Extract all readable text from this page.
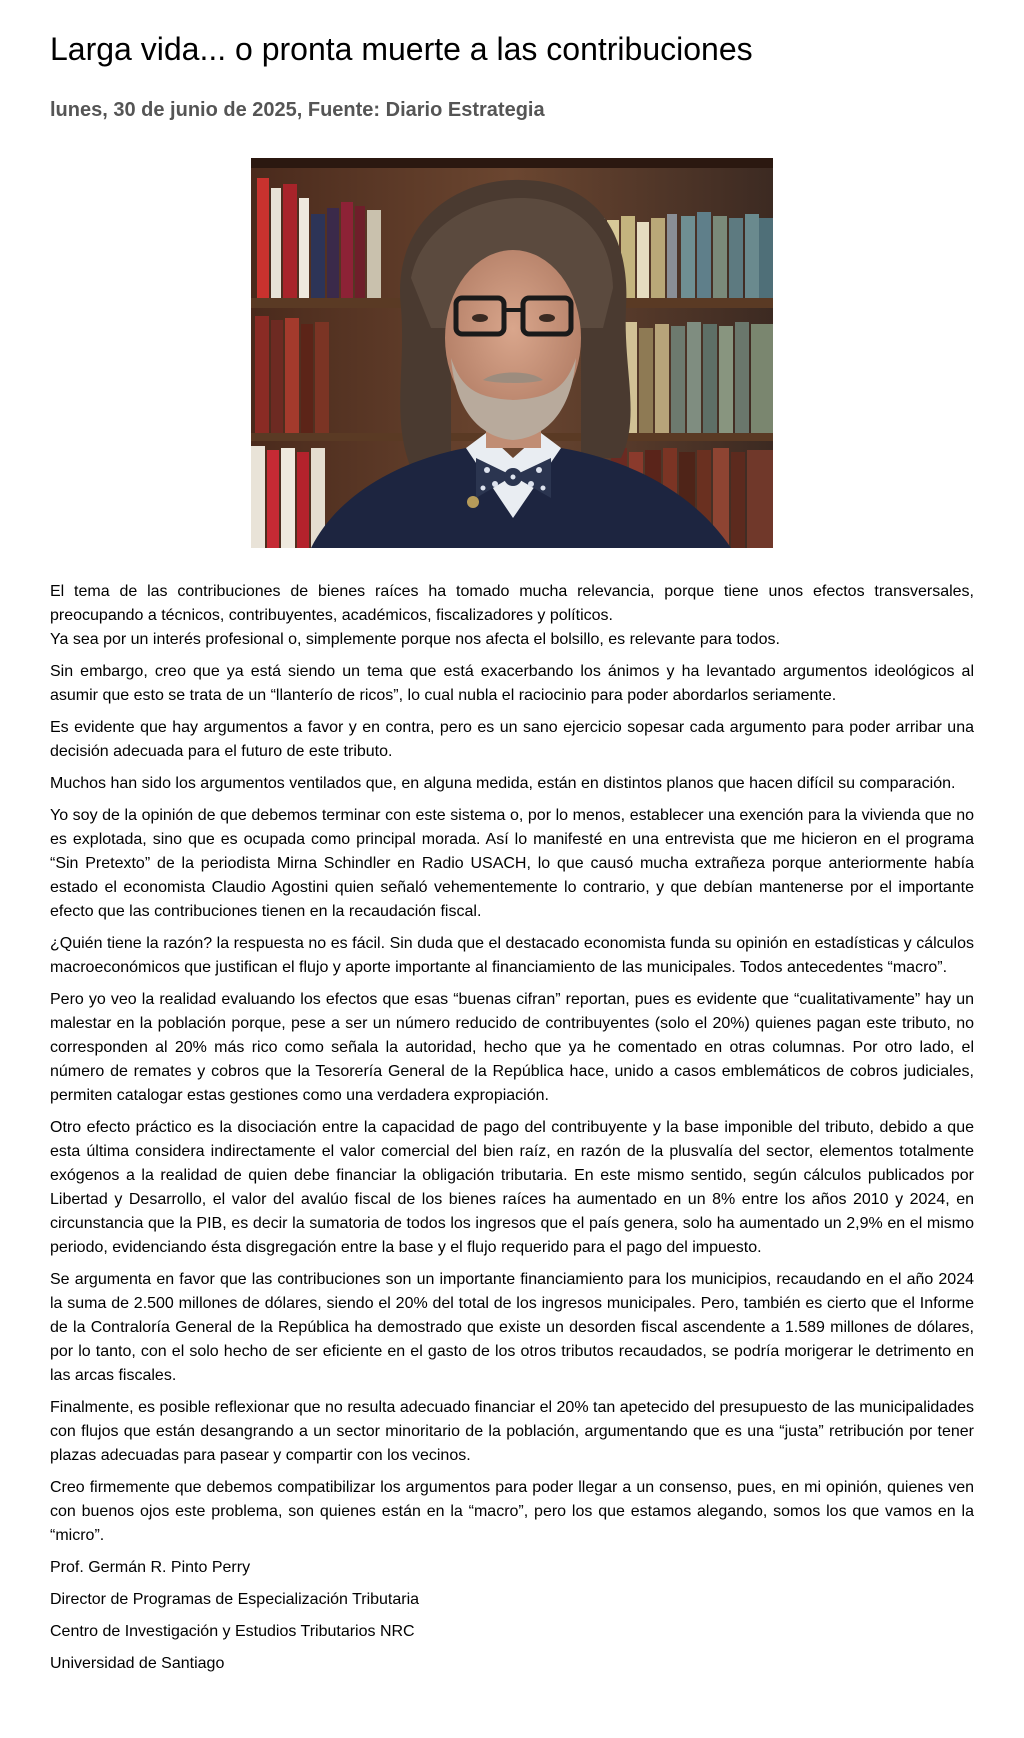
Larga vida... o pronta muerte a las contribuciones
lunes, 30 de junio de 2025, Fuente: Diario Estrategia

El tema de las contribuciones de bienes raíces ha tomado mucha relevancia, porque tiene unos efectos transversales, preocupando a técnicos, contribuyentes, académicos, fiscalizadores y políticos.

Ya sea por un interés profesional o, simplemente porque nos afecta el bolsillo, es relevante para todos.

Sin embargo, creo que ya está siendo un tema que está exacerbando los ánimos y ha levantado argumentos ideológicos al asumir que esto se trata de un “llanterío de ricos”, lo cual nubla el raciocinio para poder abordarlos seriamente.

Es evidente que hay argumentos a favor y en contra, pero es un sano ejercicio sopesar cada argumento para poder arribar una decisión adecuada para el futuro de este tributo.

Muchos han sido los argumentos ventilados que, en alguna medida, están en distintos planos que hacen difícil su comparación.

Yo soy de la opinión de que debemos terminar con este sistema o, por lo menos, establecer una exención para la vivienda que no es explotada, sino que es ocupada como principal morada. Así lo manifesté en una entrevista que me hicieron en el programa “Sin Pretexto” de la periodista Mirna Schindler en Radio USACH, lo que causó mucha extrañeza porque anteriormente había estado el economista Claudio Agostini quien señaló vehementemente lo contrario, y que debían mantenerse por el importante efecto que las contribuciones tienen en la recaudación fiscal.

¿Quién tiene la razón? la respuesta no es fácil. Sin duda que el destacado economista funda su opinión en estadísticas y cálculos macroeconómicos que justifican el flujo y aporte importante al financiamiento de las municipales. Todos antecedentes “macro”.

Pero yo veo la realidad evaluando los efectos que esas “buenas cifran” reportan, pues es evidente que “cualitativamente” hay un malestar en la población porque, pese a ser un número reducido de contribuyentes (solo el 20%) quienes pagan este tributo, no corresponden al 20% más rico como señala la autoridad, hecho que ya he comentado en otras columnas. Por otro lado, el número de remates y cobros que la Tesorería General de la República hace, unido a casos emblemáticos de cobros judiciales, permiten catalogar estas gestiones como una verdadera expropiación.

Otro efecto práctico es la disociación entre la capacidad de pago del contribuyente y la base imponible del tributo, debido a que esta última considera indirectamente el valor comercial del bien raíz, en razón de la plusvalía del sector, elementos totalmente exógenos a la realidad de quien debe financiar la obligación tributaria. En este mismo sentido, según cálculos publicados por Libertad y Desarrollo, el valor del avalúo fiscal de los bienes raíces ha aumentado en un 8% entre los años 2010 y 2024, en circunstancia que la PIB, es decir la sumatoria de todos los ingresos que el país genera, solo ha aumentado un 2,9% en el mismo periodo, evidenciando ésta disgregación entre la base y el flujo requerido para el pago del impuesto.

Se argumenta en favor que las contribuciones son un importante financiamiento para los municipios, recaudando en el año 2024 la suma de 2.500 millones de dólares, siendo el 20% del total de los ingresos municipales. Pero, también es cierto que el Informe de la Contraloría General de la República ha demostrado que existe un desorden fiscal ascendente a 1.589 millones de dólares, por lo tanto, con el solo hecho de ser eficiente en el gasto de los otros tributos recaudados, se podría morigerar le detrimento en las arcas fiscales.

Finalmente, es posible reflexionar que no resulta adecuado financiar el 20% tan apetecido del presupuesto de las municipalidades con flujos que están desangrando a un sector minoritario de la población, argumentando que es una “justa” retribución por tener plazas adecuadas para pasear y compartir con los vecinos.

Creo firmemente que debemos compatibilizar los argumentos para poder llegar a un consenso, pues, en mi opinión, quienes ven con buenos ojos este problema, son quienes están en la “macro”, pero los que estamos alegando, somos los que vamos en la “micro”.

Prof. Germán R. Pinto Perry

Director de Programas de Especialización Tributaria

Centro de Investigación y Estudios Tributarios NRC

Universidad de Santiago
